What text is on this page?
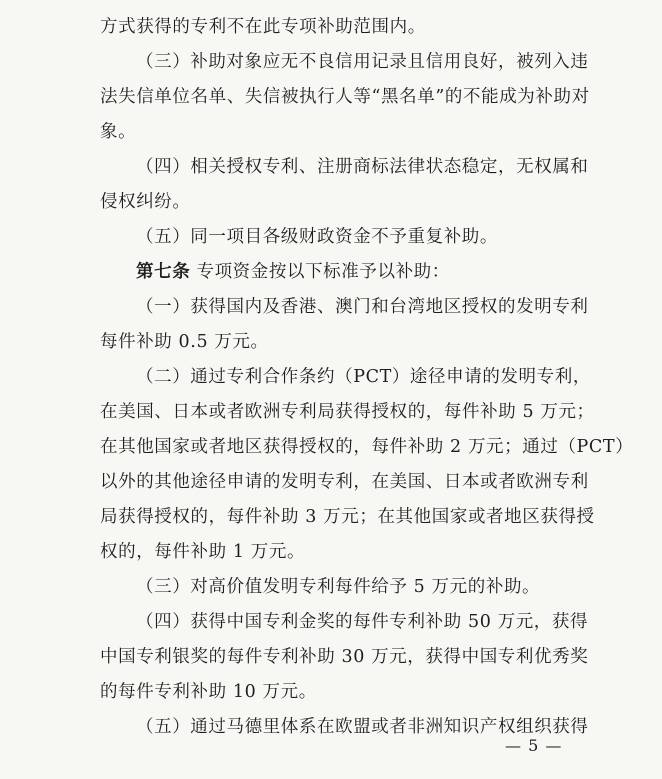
方式获得的专利不在此专项补助范围内。
（三）补助对象应无不良信用记录且信用良好，被列入违
法失信单位名单、失信被执行人等“黑名单”的不能成为补助对
象。
（四）相关授权专利、注册商标法律状态稳定，无权属和
侵权纠纷。
（五）同一项目各级财政资金不予重复补助。
第七条 专项资金按以下标准予以补助：
（一）获得国内及香港、澳门和台湾地区授权的发明专利
每件补助 0.5 万元。
（二）通过专利合作条约（PCT）途径申请的发明专利，
在美国、日本或者欧洲专利局获得授权的，每件补助 5 万元；
在其他国家或者地区获得授权的，每件补助 2 万元；通过（PCT）
以外的其他途径申请的发明专利，在美国、日本或者欧洲专利
局获得授权的，每件补助 3 万元；在其他国家或者地区获得授
权的，每件补助 1 万元。
（三）对高价值发明专利每件给予 5 万元的补助。
（四）获得中国专利金奖的每件专利补助 50 万元，获得
中国专利银奖的每件专利补助 30 万元，获得中国专利优秀奖
的每件专利补助 10 万元。
（五）通过马德里体系在欧盟或者非洲知识产权组织获得
— 5 —
